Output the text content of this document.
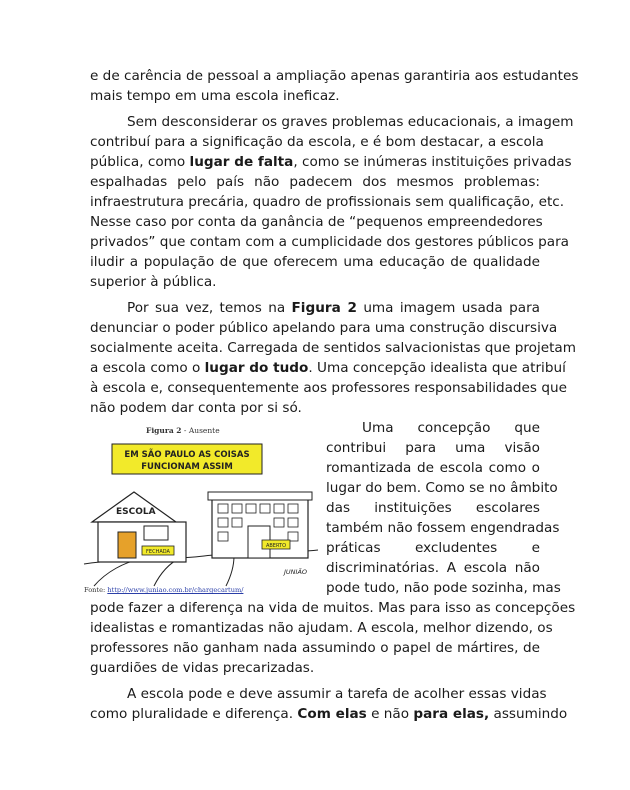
e de carência de pessoal a ampliação apenas garantiria aos estudantes
mais tempo em uma escola ineficaz.
Sem desconsiderar os graves problemas educacionais, a imagem
contribuí para a significação da escola, e é bom destacar, a escola
pública, como lugar de falta, como se inúmeras instituições privadas
espalhadas pelo país não padecem dos mesmos problemas:
infraestrutura precária, quadro de profissionais sem qualificação, etc.
Nesse caso por conta da ganância de “pequenos empreendedores
privados” que contam com a cumplicidade dos gestores públicos para
iludir a população de que oferecem uma educação de qualidade
superior à pública.
Por sua vez, temos na Figura 2 uma imagem usada para
denunciar o poder público apelando para uma construção discursiva
socialmente aceita. Carregada de sentidos salvacionistas que projetam
a escola como o lugar do tudo. Uma concepção idealista que atribuí
à escola e, consequentemente aos professores responsabilidades que
não podem dar conta por si só.
Uma concepção que
contribui para uma visão
romantizada de escola como o
lugar do bem. Como se no âmbito
das instituições escolares
também não fossem engendradas
práticas excludentes e
discriminatórias. A escola não
pode tudo, não pode sozinha, mas
pode fazer a diferença na vida de muitos. Mas para isso as concepções
idealistas e romantizadas não ajudam. A escola, melhor dizendo, os
professores não ganham nada assumindo o papel de mártires, de
guardiões de vidas precarizadas.
A escola pode e deve assumir a tarefa de acolher essas vidas
como pluralidade e diferença. Com elas e não para elas, assumindo
Figura 2 - Ausente
EM SÃO PAULO AS COISAS
FUNCIONAM ASSIM
ESCOLA
FECHADA
ABERTO
JUNIÃO
Fonte: http://www.juniao.com.br/chargecartum/
